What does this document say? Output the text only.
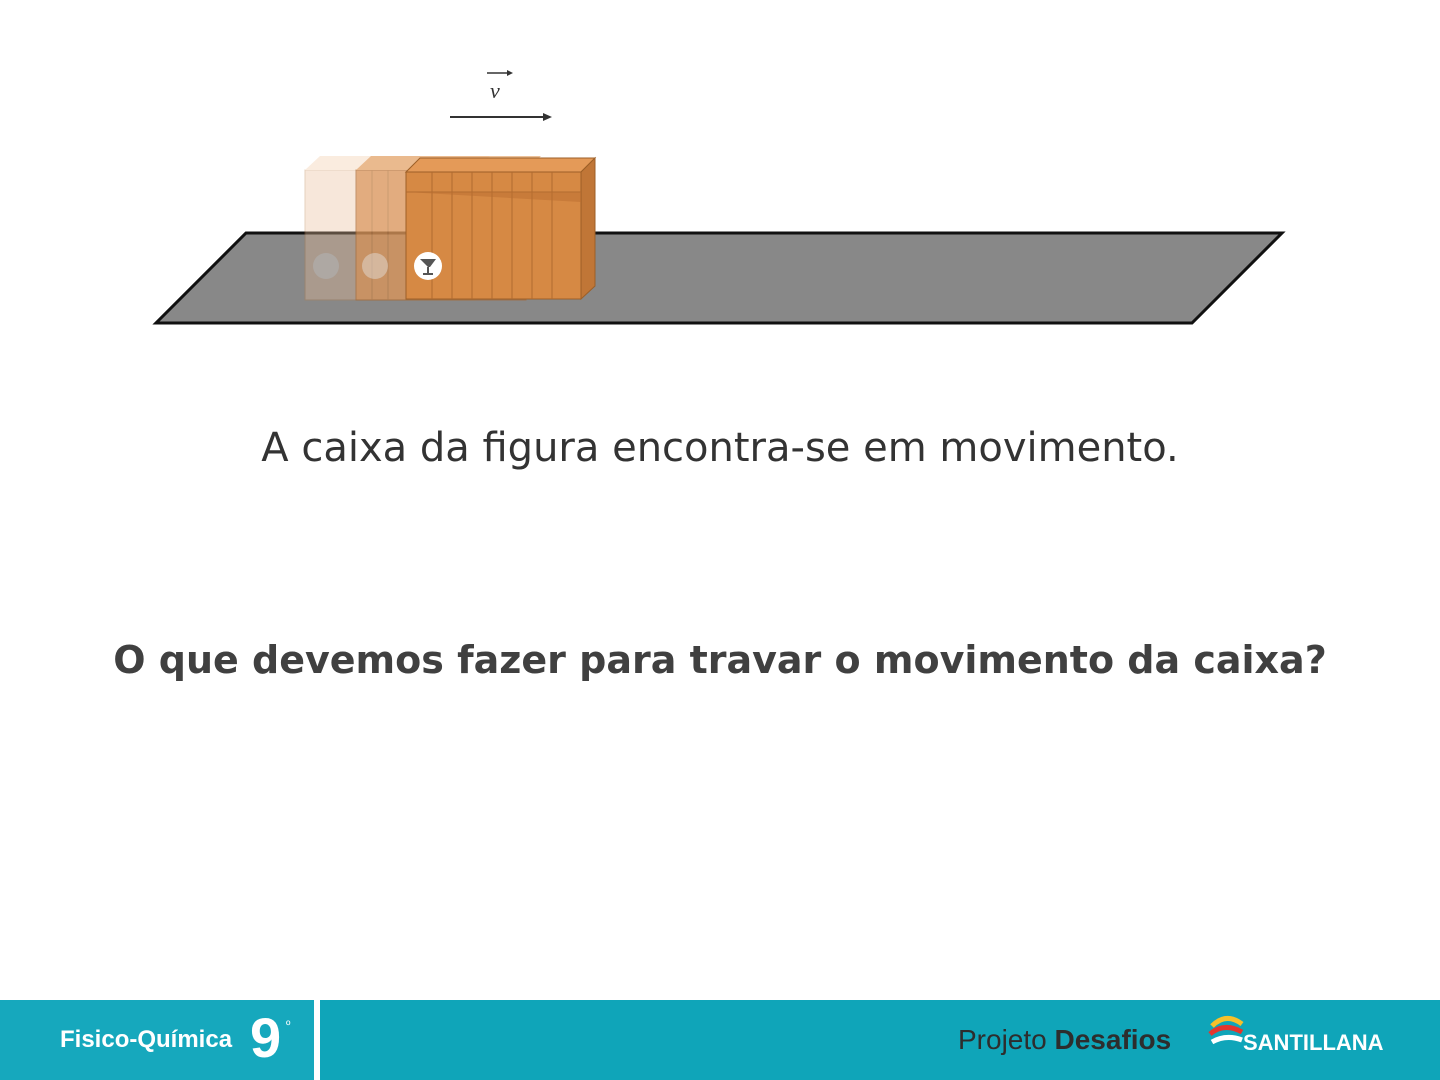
v
A caixa da figura encontra-se em movimento.
O que devemos fazer para travar o movimento da caixa?
Fisico-Química 9 º	Projeto Desafios	SANTILLANA
